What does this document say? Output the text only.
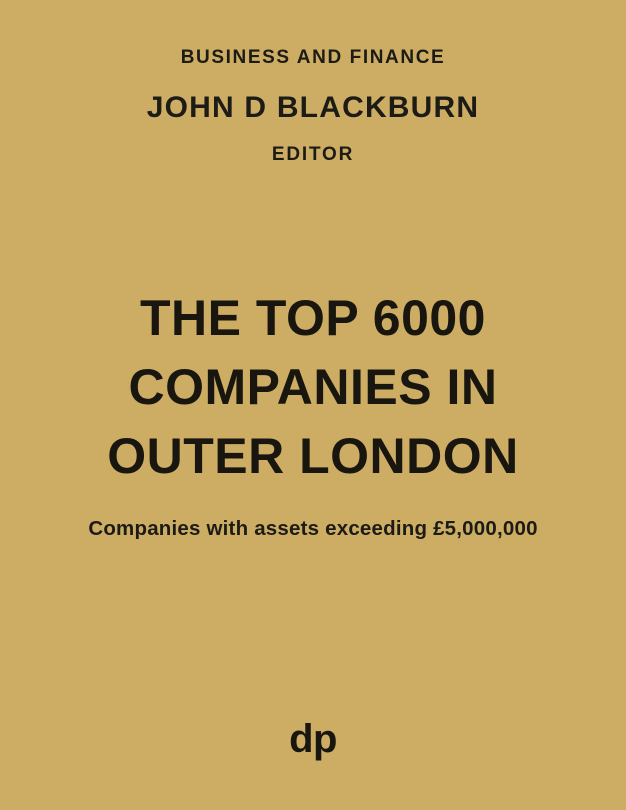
BUSINESS AND FINANCE
JOHN D BLACKBURN
EDITOR
THE TOP 6000
COMPANIES IN
OUTER LONDON
Companies with assets exceeding £5,000,000
dp
